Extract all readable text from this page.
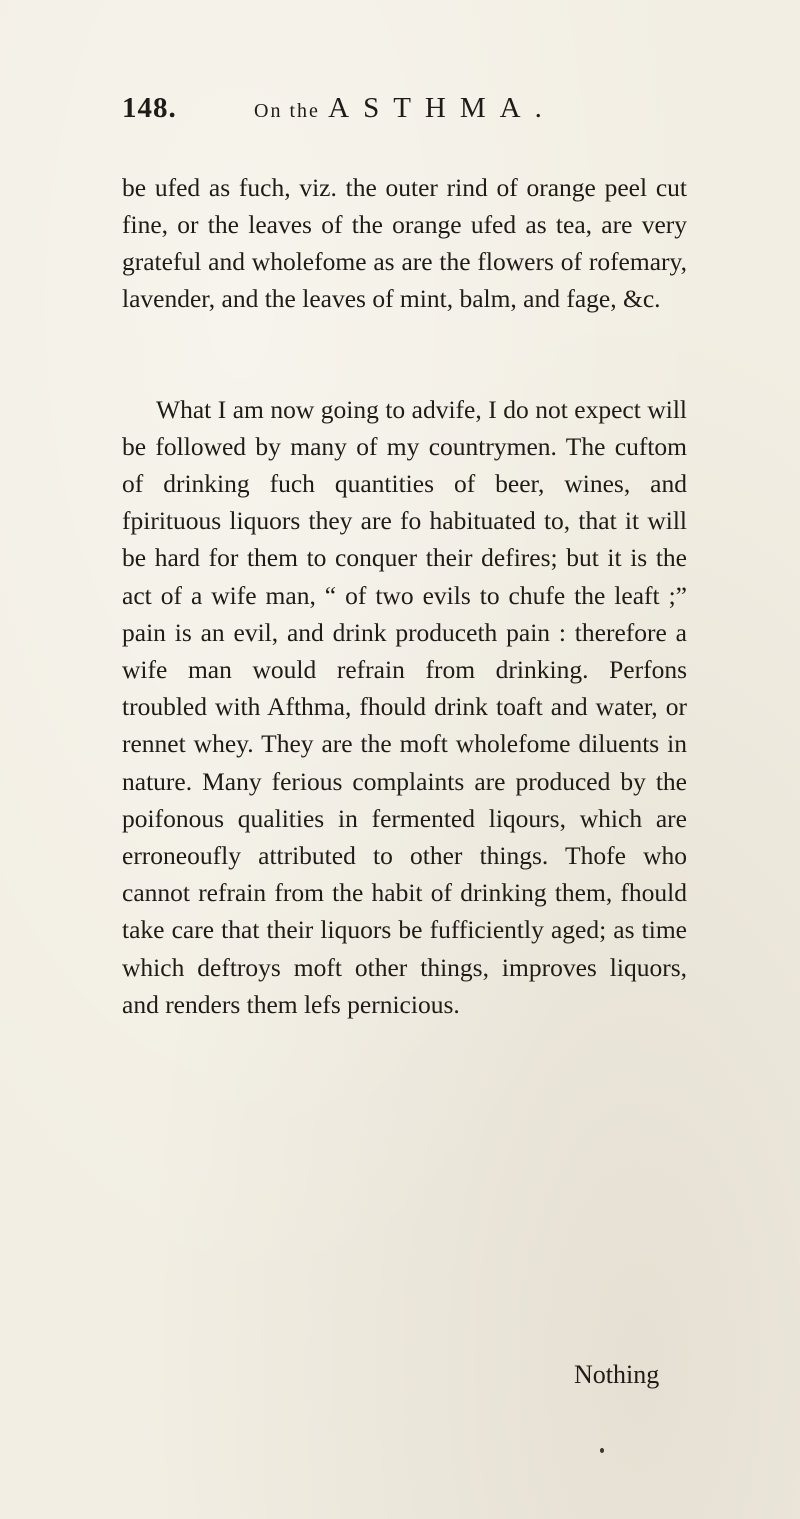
148.	On the ASTHMA.

be ufed as fuch, viz. the outer rind of orange peel cut fine, or the leaves of the orange ufed as tea, are very grateful and wholefome as are the flowers of rofemary, lavender, and the leaves of mint, balm, and fage, &c.

What I am now going to advife, I do not expect will be followed by many of my countrymen. The cuftom of drinking fuch quantities of beer, wines, and fpirituous liquors they are fo habituated to, that it will be hard for them to conquer their defires; but it is the act of a wife man, “ of two evils to chufe the leaft ;” pain is an evil, and drink produceth pain : therefore a wife man would refrain from drinking. Perfons troubled with Afthma, fhould drink toaft and water, or rennet whey. They are the moft wholefome diluents in nature. Many ferious complaints are produced by the poifonous qualities in fermented liqours, which are erroneoufly attributed to other things. Thofe who cannot refrain from the habit of drinking them, fhould take care that their liquors be fufficiently aged; as time which deftroys moft other things, improves liquors, and renders them lefs pernicious.

Nothing
